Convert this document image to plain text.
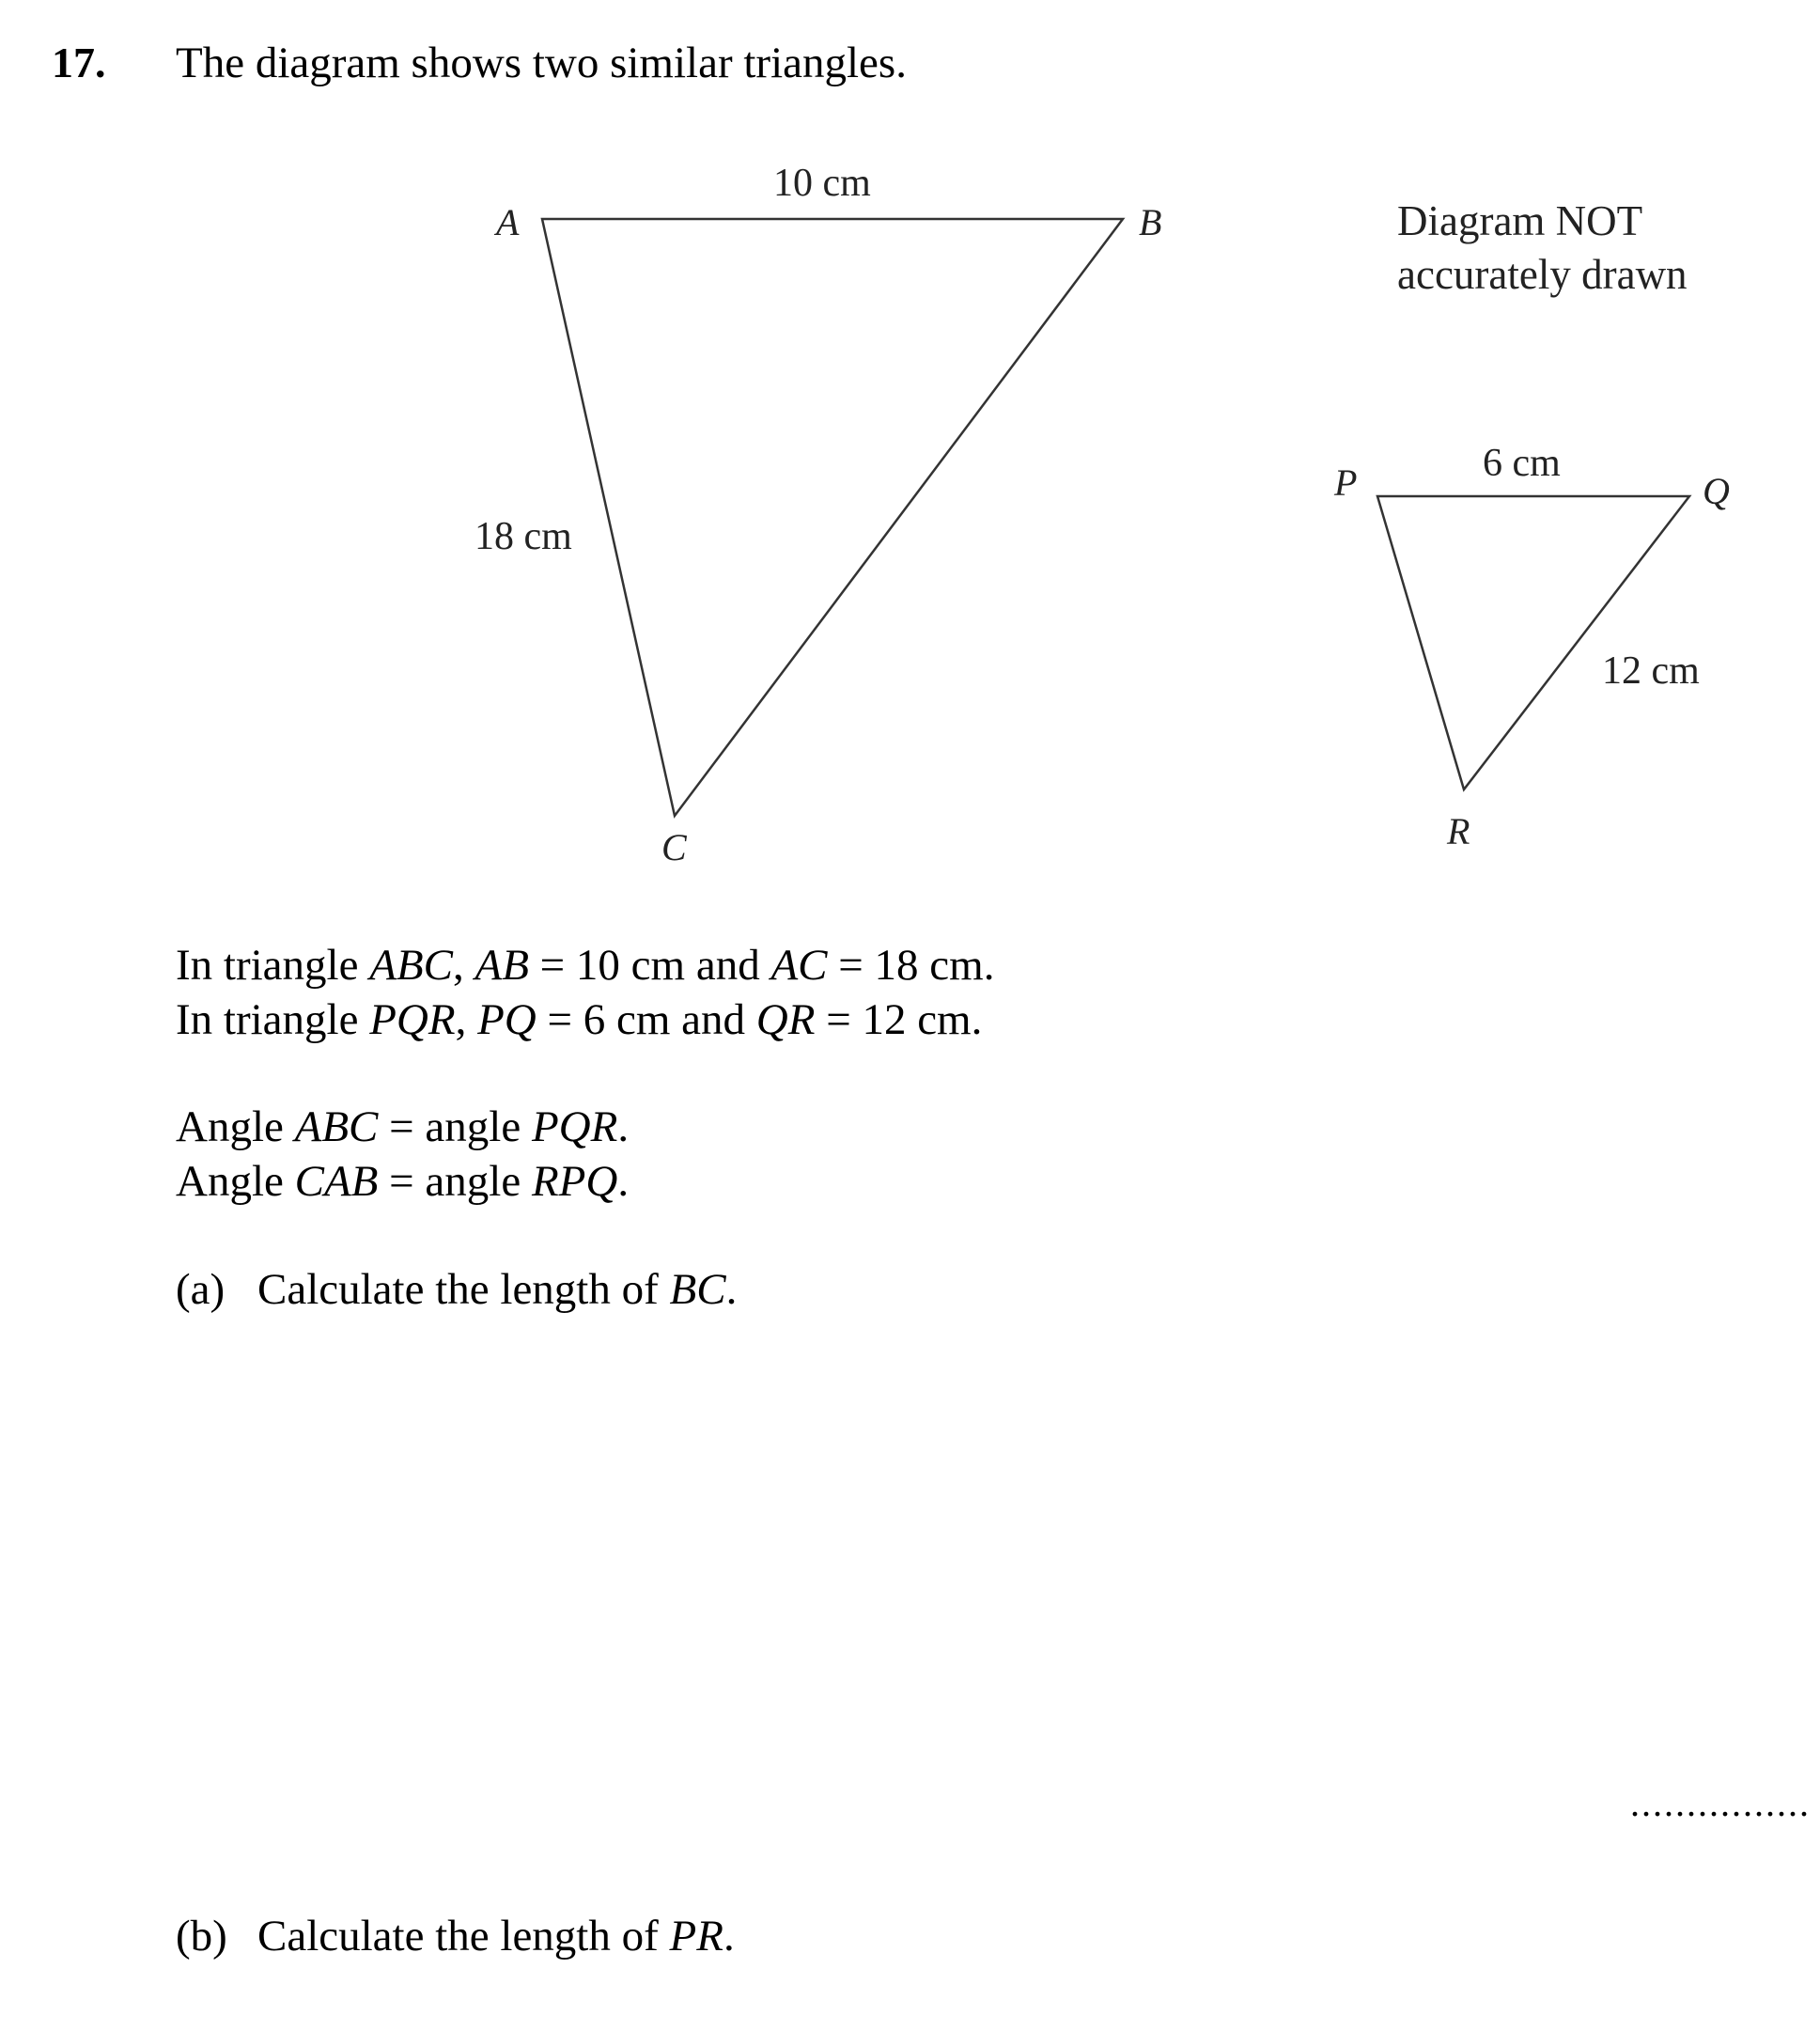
17. The diagram shows two similar triangles.
A	B
C
10 cm
18 cm
P	Q
R
6 cm
12 cm
Diagram NOT
accurately drawn
In triangle ABC, AB = 10 cm and AC = 18 cm.
In triangle PQR, PQ = 6 cm and QR = 12 cm.
Angle ABC = angle PQR.
Angle CAB = angle RPQ.
(a) Calculate the length of BC.
................
(b) Calculate the length of PR.
